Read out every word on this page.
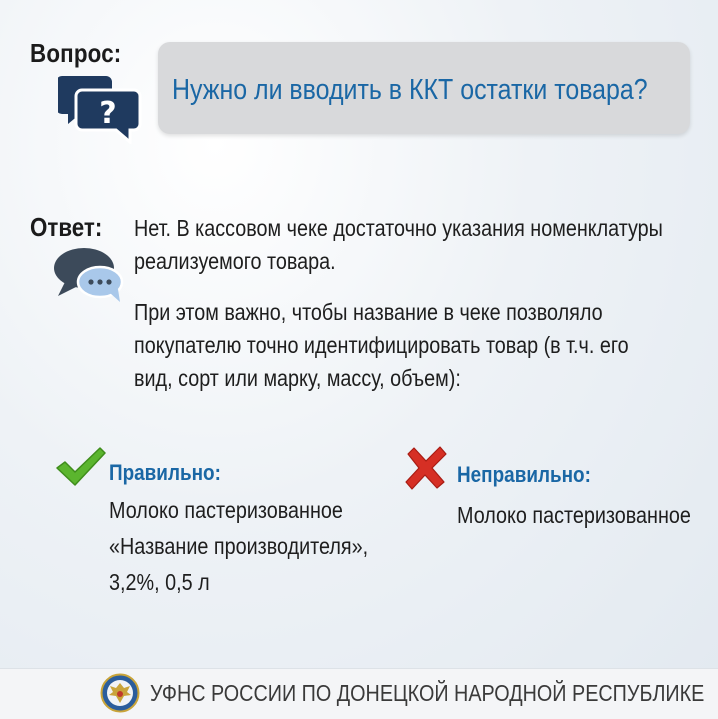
Вопрос:
?
Нужно ли вводить в ККТ остатки товара?
Ответ:	Нет. В кассовом чеке достаточно указания номенклатуры
реализуемого товара.
При этом важно, чтобы название в чеке позволяло
покупателю точно идентифицировать товар (в т.ч. его
вид, сорт или марку, массу, объем):
Правильно:
Молоко пастеризованное
«Название производителя»,
3,2%, 0,5 л
Неправильно:
Молоко пастеризованное
УФНС РОССИИ ПО ДОНЕЦКОЙ НАРОДНОЙ РЕСПУБЛИКЕ
